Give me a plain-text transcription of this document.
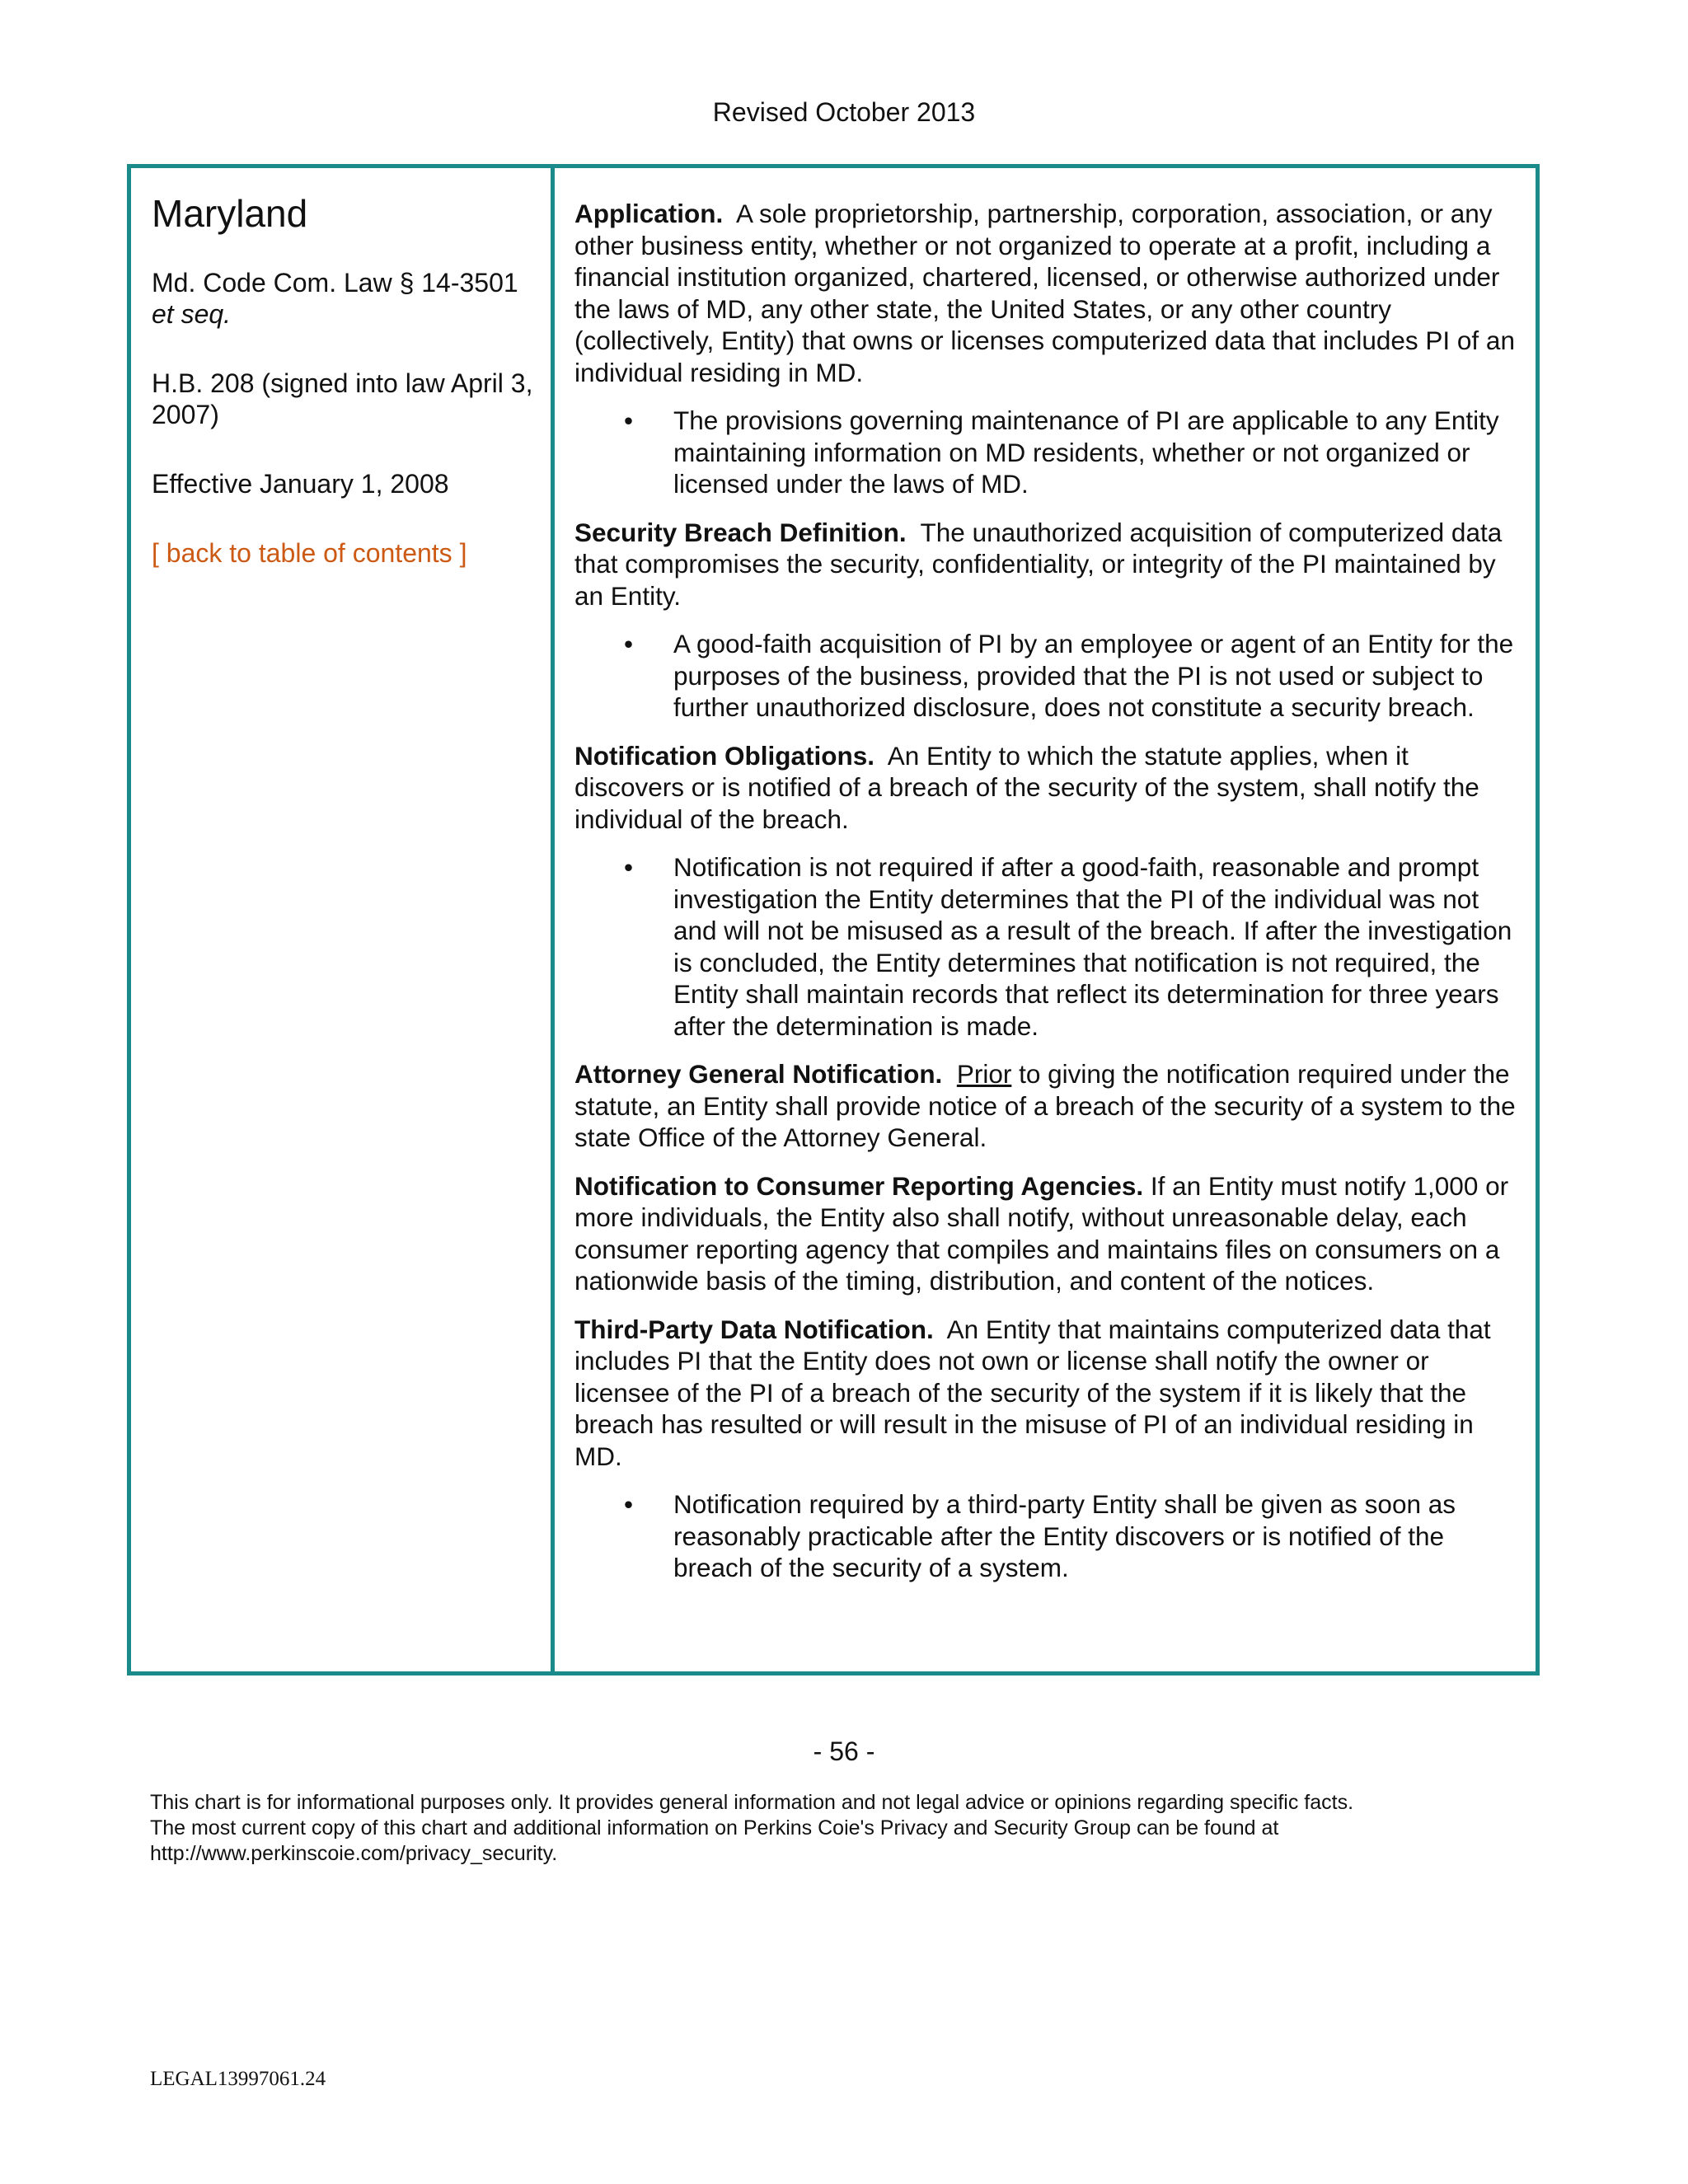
Revised October 2013
Maryland

Md. Code Com. Law § 14-3501
et seq.

H.B. 208 (signed into law April 3, 2007)

Effective January 1, 2008

[ back to table of contents ]

Application. A sole proprietorship, partnership, corporation, association, or any other business entity, whether or not organized to operate at a profit, including a financial institution organized, chartered, licensed, or otherwise authorized under the laws of MD, any other state, the United States, or any other country (collectively, Entity) that owns or licenses computerized data that includes PI of an individual residing in MD.
• The provisions governing maintenance of PI are applicable to any Entity maintaining information on MD residents, whether or not organized or licensed under the laws of MD.
Security Breach Definition. The unauthorized acquisition of computerized data that compromises the security, confidentiality, or integrity of the PI maintained by an Entity.
• A good-faith acquisition of PI by an employee or agent of an Entity for the purposes of the business, provided that the PI is not used or subject to further unauthorized disclosure, does not constitute a security breach.
Notification Obligations. An Entity to which the statute applies, when it discovers or is notified of a breach of the security of the system, shall notify the individual of the breach.
• Notification is not required if after a good-faith, reasonable and prompt investigation the Entity determines that the PI of the individual was not and will not be misused as a result of the breach. If after the investigation is concluded, the Entity determines that notification is not required, the Entity shall maintain records that reflect its determination for three years after the determination is made.
Attorney General Notification. Prior to giving the notification required under the statute, an Entity shall provide notice of a breach of the security of a system to the state Office of the Attorney General.
Notification to Consumer Reporting Agencies. If an Entity must notify 1,000 or more individuals, the Entity also shall notify, without unreasonable delay, each consumer reporting agency that compiles and maintains files on consumers on a nationwide basis of the timing, distribution, and content of the notices.
Third-Party Data Notification. An Entity that maintains computerized data that includes PI that the Entity does not own or license shall notify the owner or licensee of the PI of a breach of the security of the system if it is likely that the breach has resulted or will result in the misuse of PI of an individual residing in MD.
• Notification required by a third-party Entity shall be given as soon as reasonably practicable after the Entity discovers or is notified of the breach of the security of a system.
- 56 -
This chart is for informational purposes only. It provides general information and not legal advice or opinions regarding specific facts.
The most current copy of this chart and additional information on Perkins Coie's Privacy and Security Group can be found at
http://www.perkinscoie.com/privacy_security.
LEGAL13997061.24
